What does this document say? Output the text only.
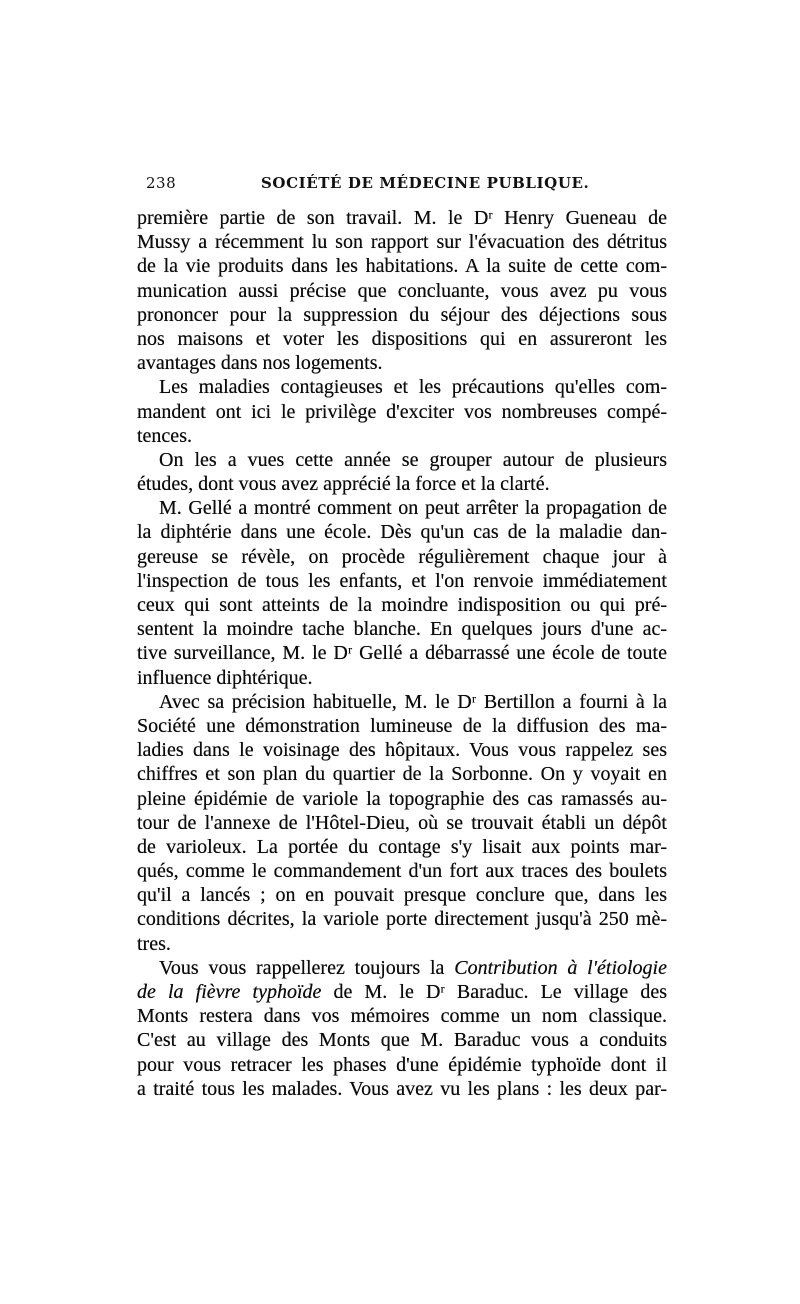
238	SOCIÉTÉ DE MÉDECINE PUBLIQUE.
première partie de son travail. M. le Dʳ Henry Gueneau de
Mussy a récemment lu son rapport sur l'évacuation des détritus
de la vie produits dans les habitations. A la suite de cette com-
munication aussi précise que concluante, vous avez pu vous
prononcer pour la suppression du séjour des déjections sous
nos maisons et voter les dispositions qui en assureront les
avantages dans nos logements.
Les maladies contagieuses et les précautions qu'elles com-
mandent ont ici le privilège d'exciter vos nombreuses compé-
tences.
On les a vues cette année se grouper autour de plusieurs
études, dont vous avez apprécié la force et la clarté.
M. Gellé a montré comment on peut arrêter la propagation de
la diphtérie dans une école. Dès qu'un cas de la maladie dan-
gereuse se révèle, on procède régulièrement chaque jour à
l'inspection de tous les enfants, et l'on renvoie immédiatement
ceux qui sont atteints de la moindre indisposition ou qui pré-
sentent la moindre tache blanche. En quelques jours d'une ac-
tive surveillance, M. le Dʳ Gellé a débarrassé une école de toute
influence diphtérique.
Avec sa précision habituelle, M. le Dʳ Bertillon a fourni à la
Société une démonstration lumineuse de la diffusion des ma-
ladies dans le voisinage des hôpitaux. Vous vous rappelez ses
chiffres et son plan du quartier de la Sorbonne. On y voyait en
pleine épidémie de variole la topographie des cas ramassés au-
tour de l'annexe de l'Hôtel-Dieu, où se trouvait établi un dépôt
de varioleux. La portée du contage s'y lisait aux points mar-
qués, comme le commandement d'un fort aux traces des boulets
qu'il a lancés ; on en pouvait presque conclure que, dans les
conditions décrites, la variole porte directement jusqu'à 250 mè-
tres.
Vous vous rappellerez toujours la Contribution à l'étiologie
de la fièvre typhoïde de M. le Dʳ Baraduc. Le village des
Monts restera dans vos mémoires comme un nom classique.
C'est au village des Monts que M. Baraduc vous a conduits
pour vous retracer les phases d'une épidémie typhoïde dont il
a traité tous les malades. Vous avez vu les plans : les deux par-
